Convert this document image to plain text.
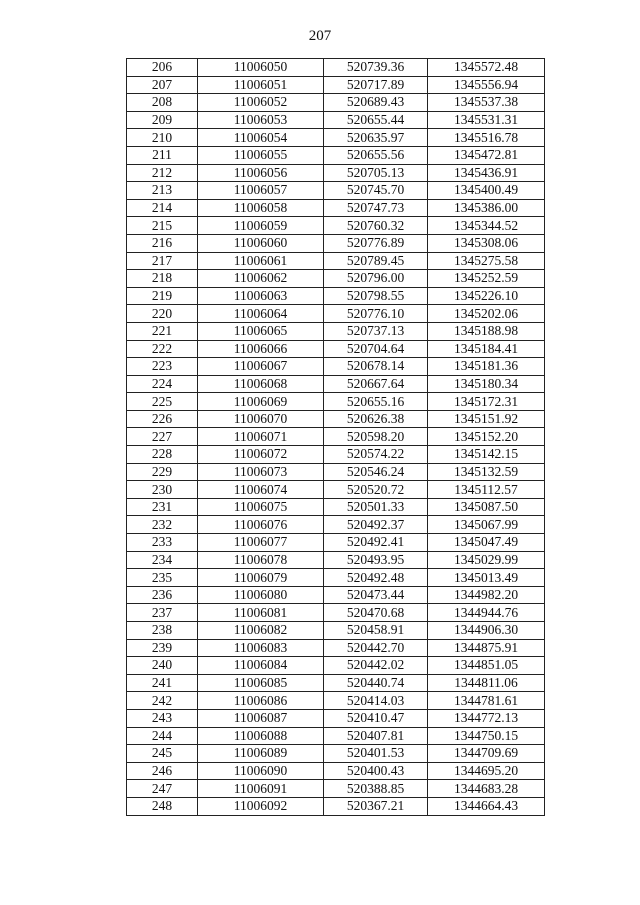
207
206	11006050	520739.36	1345572.48
207	11006051	520717.89	1345556.94
208	11006052	520689.43	1345537.38
209	11006053	520655.44	1345531.31
210	11006054	520635.97	1345516.78
211	11006055	520655.56	1345472.81
212	11006056	520705.13	1345436.91
213	11006057	520745.70	1345400.49
214	11006058	520747.73	1345386.00
215	11006059	520760.32	1345344.52
216	11006060	520776.89	1345308.06
217	11006061	520789.45	1345275.58
218	11006062	520796.00	1345252.59
219	11006063	520798.55	1345226.10
220	11006064	520776.10	1345202.06
221	11006065	520737.13	1345188.98
222	11006066	520704.64	1345184.41
223	11006067	520678.14	1345181.36
224	11006068	520667.64	1345180.34
225	11006069	520655.16	1345172.31
226	11006070	520626.38	1345151.92
227	11006071	520598.20	1345152.20
228	11006072	520574.22	1345142.15
229	11006073	520546.24	1345132.59
230	11006074	520520.72	1345112.57
231	11006075	520501.33	1345087.50
232	11006076	520492.37	1345067.99
233	11006077	520492.41	1345047.49
234	11006078	520493.95	1345029.99
235	11006079	520492.48	1345013.49
236	11006080	520473.44	1344982.20
237	11006081	520470.68	1344944.76
238	11006082	520458.91	1344906.30
239	11006083	520442.70	1344875.91
240	11006084	520442.02	1344851.05
241	11006085	520440.74	1344811.06
242	11006086	520414.03	1344781.61
243	11006087	520410.47	1344772.13
244	11006088	520407.81	1344750.15
245	11006089	520401.53	1344709.69
246	11006090	520400.43	1344695.20
247	11006091	520388.85	1344683.28
248	11006092	520367.21	1344664.43
